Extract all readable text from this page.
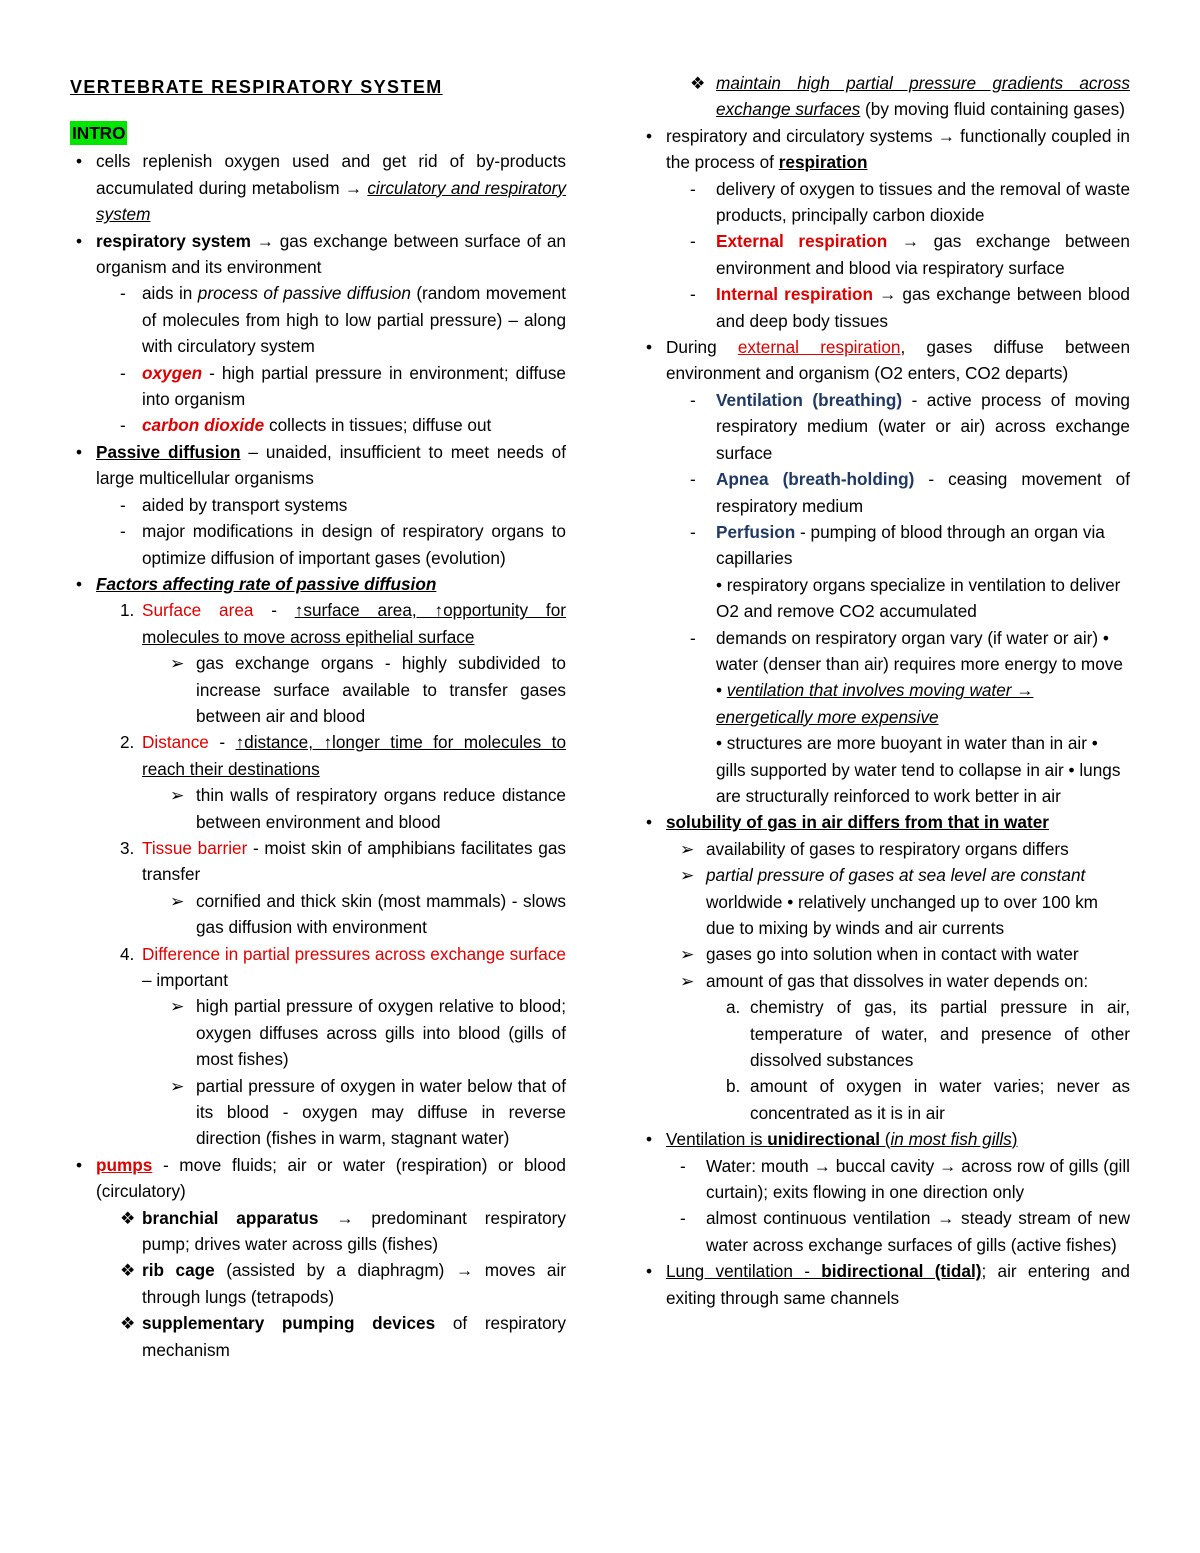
VERTEBRATE RESPIRATORY SYSTEM
INTRO
• cells replenish oxygen used and get rid of by-products accumulated during metabolism → circulatory and respiratory system
• respiratory system → gas exchange between surface of an organism and its environment
- aids in process of passive diffusion (random movement of molecules from high to low partial pressure) – along with circulatory system
- oxygen - high partial pressure in environment; diffuse into organism
- carbon dioxide collects in tissues; diffuse out
• Passive diffusion – unaided, insufficient to meet needs of large multicellular organisms
- aided by transport systems
- major modifications in design of respiratory organs to optimize diffusion of important gases (evolution)
• Factors affecting rate of passive diffusion
1. Surface area - ↑surface area, ↑opportunity for molecules to move across epithelial surface
➢ gas exchange organs - highly subdivided to increase surface available to transfer gases between air and blood
2. Distance - ↑distance, ↑longer time for molecules to reach their destinations
➢ thin walls of respiratory organs reduce distance between environment and blood
3. Tissue barrier - moist skin of amphibians facilitates gas transfer
➢ cornified and thick skin (most mammals) - slows gas diffusion with environment
4. Difference in partial pressures across exchange surface – important
➢ high partial pressure of oxygen relative to blood; oxygen diffuses across gills into blood (gills of most fishes)
➢ partial pressure of oxygen in water below that of its blood - oxygen may diffuse in reverse direction (fishes in warm, stagnant water)
• pumps - move fluids; air or water (respiration) or blood (circulatory)
❖ branchial apparatus → predominant respiratory pump; drives water across gills (fishes)
❖ rib cage (assisted by a diaphragm) → moves air through lungs (tetrapods)
❖ supplementary pumping devices of respiratory mechanism
❖ maintain high partial pressure gradients across exchange surfaces (by moving fluid containing gases)
• respiratory and circulatory systems → functionally coupled in the process of respiration
- delivery of oxygen to tissues and the removal of waste products, principally carbon dioxide
- External respiration → gas exchange between environment and blood via respiratory surface
- Internal respiration → gas exchange between blood and deep body tissues
• During external respiration, gases diffuse between environment and organism (O2 enters, CO2 departs)
- Ventilation (breathing) - active process of moving respiratory medium (water or air) across exchange surface
- Apnea (breath-holding) - ceasing movement of respiratory medium
- Perfusion - pumping of blood through an organ via capillaries
• respiratory organs specialize in ventilation to deliver O2 and remove CO2 accumulated
- demands on respiratory organ vary (if water or air) • water (denser than air) requires more energy to move • ventilation that involves moving water → energetically more expensive
• structures are more buoyant in water than in air • gills supported by water tend to collapse in air • lungs are structurally reinforced to work better in air
• solubility of gas in air differs from that in water
➢ availability of gases to respiratory organs differs
➢ partial pressure of gases at sea level are constant worldwide • relatively unchanged up to over 100 km due to mixing by winds and air currents
➢ gases go into solution when in contact with water
➢ amount of gas that dissolves in water depends on:
a. chemistry of gas, its partial pressure in air, temperature of water, and presence of other dissolved substances
b. amount of oxygen in water varies; never as concentrated as it is in air
• Ventilation is unidirectional (in most fish gills)
- Water: mouth → buccal cavity → across row of gills (gill curtain); exits flowing in one direction only
- almost continuous ventilation → steady stream of new water across exchange surfaces of gills (active fishes)
• Lung ventilation - bidirectional (tidal); air entering and exiting through same channels
